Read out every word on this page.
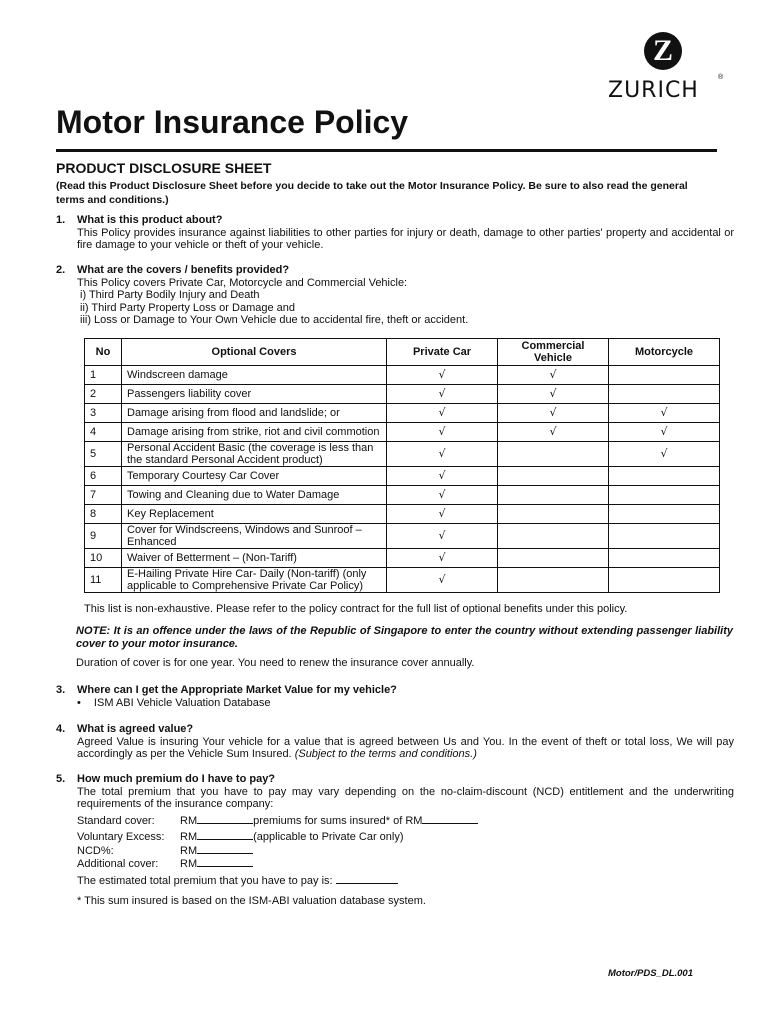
Z
ZURICH
®
Motor Insurance Policy
PRODUCT DISCLOSURE SHEET
(Read this Product Disclosure Sheet before you decide to take out the Motor Insurance Policy. Be sure to also read the general terms and conditions.)
1. What is this product about?
This Policy provides insurance against liabilities to other parties for injury or death, damage to other parties' property and accidental or fire damage to your vehicle or theft of your vehicle.
2. What are the covers / benefits provided?
This Policy covers Private Car, Motorcycle and Commercial Vehicle:
i) Third Party Bodily Injury and Death
ii) Third Party Property Loss or Damage and
iii) Loss or Damage to Your Own Vehicle due to accidental fire, theft or accident.
No	Optional Covers	Private Car	Commercial Vehicle	Motorcycle
1	Windscreen damage	√	√	
2	Passengers liability cover	√	√	
3	Damage arising from flood and landslide; or	√	√	√
4	Damage arising from strike, riot and civil commotion	√	√	√
5	Personal Accident Basic (the coverage is less than the standard Personal Accident product)	√		√
6	Temporary Courtesy Car Cover	√		
7	Towing and Cleaning due to Water Damage	√		
8	Key Replacement	√		
9	Cover for Windscreens, Windows and Sunroof – Enhanced	√		
10	Waiver of Betterment – (Non-Tariff)	√		
11	E-Hailing Private Hire Car- Daily (Non-tariff) (only applicable to Comprehensive Private Car Policy)	√		
This list is non-exhaustive. Please refer to the policy contract for the full list of optional benefits under this policy.
NOTE: It is an offence under the laws of the Republic of Singapore to enter the country without extending passenger liability cover to your motor insurance.
Duration of cover is for one year. You need to renew the insurance cover annually.
3. Where can I get the Appropriate Market Value for my vehicle?
• ISM ABI Vehicle Valuation Database
4. What is agreed value?
Agreed Value is insuring Your vehicle for a value that is agreed between Us and You. In the event of theft or total loss, We will pay accordingly as per the Vehicle Sum Insured. (Subject to the terms and conditions.)
5. How much premium do I have to pay?
The total premium that you have to pay may vary depending on the no-claim-discount (NCD) entitlement and the underwriting requirements of the insurance company:
Standard cover: RM	premiums for sums insured* of RM
Voluntary Excess: RM	(applicable to Private Car only)
NCD%:	RM
Additional cover: RM
The estimated total premium that you have to pay is:
* This sum insured is based on the ISM-ABI valuation database system.
Motor/PDS_DL.001
